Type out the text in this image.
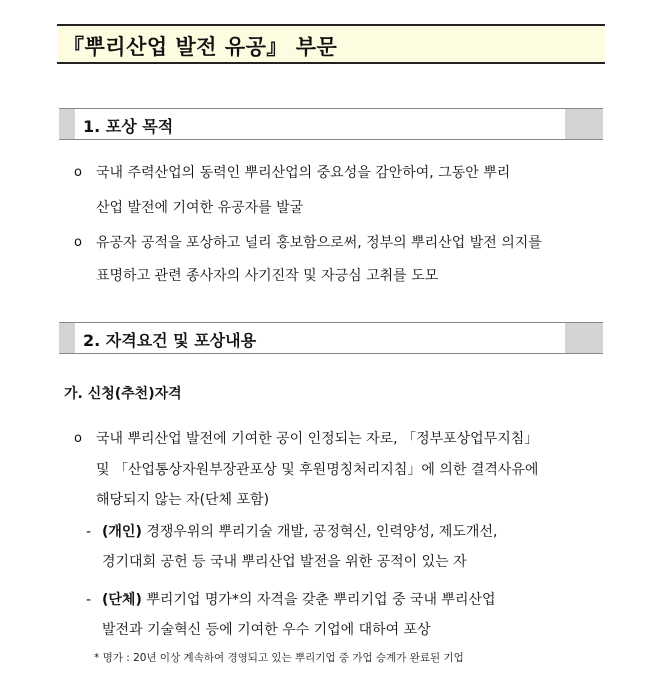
『뿌리산업 발전 유공』 부문
1. 포상 목적
ο 국내 주력산업의 동력인 뿌리산업의 중요성을 감안하여, 그동안 뿌리
산업 발전에 기여한 유공자를 발굴
ο 유공자 공적을 포상하고 널리 홍보함으로써, 정부의 뿌리산업 발전 의지를
표명하고 관련 종사자의 사기진작 및 자긍심 고취를 도모
2. 자격요건 및 포상내용
가. 신청(추천)자격
ο 국내 뿌리산업 발전에 기여한 공이 인정되는 자로, 「정부포상업무지침」
및 「산업통상자원부장관포상 및 후원명칭처리지침」에 의한 결격사유에
해당되지 않는 자(단체 포함)
- (개인) 경쟁우위의 뿌리기술 개발, 공정혁신, 인력양성, 제도개선,
경기대회 공헌 등 국내 뿌리산업 발전을 위한 공적이 있는 자
- (단체) 뿌리기업 명가*의 자격을 갖춘 뿌리기업 중 국내 뿌리산업
발전과 기술혁신 등에 기여한 우수 기업에 대하여 포상
* 명가 : 20년 이상 계속하여 경영되고 있는 뿌리기업 중 가업 승계가 완료된 기업
